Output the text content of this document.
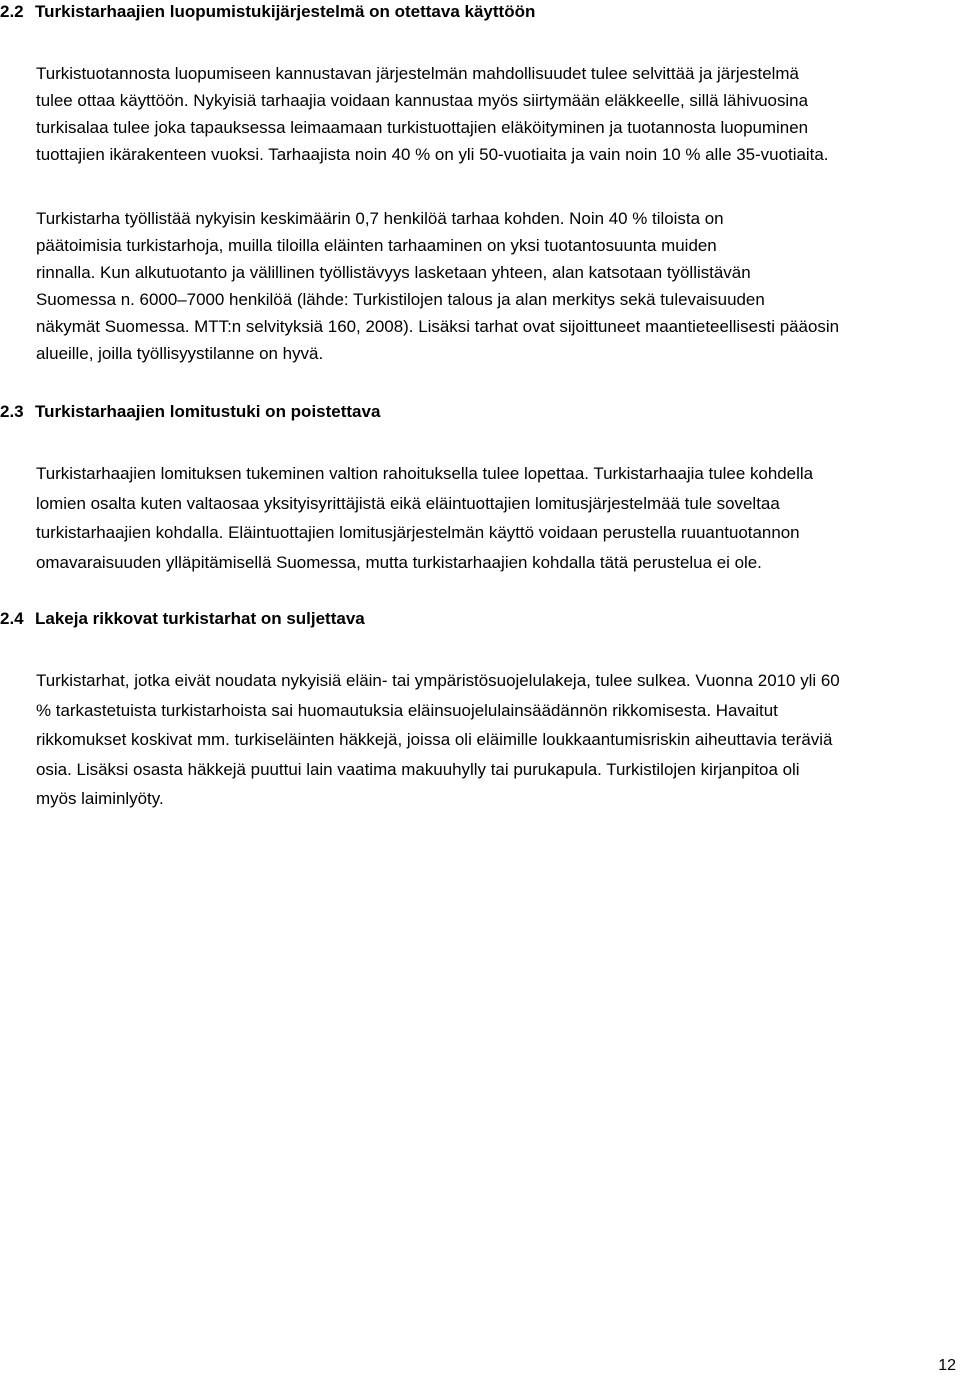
2.2 Turkistarhaajien luopumistukijärjestelmä on otettava käyttöön

Turkistuotannosta luopumiseen kannustavan järjestelmän mahdollisuudet tulee selvittää ja järjestelmä
tulee ottaa käyttöön. Nykyisiä tarhaajia voidaan kannustaa myös siirtymään eläkkeelle, sillä lähivuosina
turkisalaa tulee joka tapauksessa leimaamaan turkistuottajien eläköityminen ja tuotannosta luopuminen
tuottajien ikärakenteen vuoksi. Tarhaajista noin 40 % on yli 50-vuotiaita ja vain noin 10 % alle 35-vuotiaita.

Turkistarha työllistää nykyisin keskimäärin 0,7 henkilöä tarhaa kohden. Noin 40 % tiloista on
päätoimisia turkistarhoja, muilla tiloilla eläinten tarhaaminen on yksi tuotantosuunta muiden
rinnalla. Kun alkutuotanto ja välillinen työllistävyys lasketaan yhteen, alan katsotaan työllistävän
Suomessa n. 6000–7000 henkilöä (lähde: Turkistilojen talous ja alan merkitys sekä tulevaisuuden
näkymät Suomessa. MTT:n selvityksiä 160, 2008). Lisäksi tarhat ovat sijoittuneet maantieteellisesti pääosin
alueille, joilla työllisyystilanne on hyvä.

2.3 Turkistarhaajien lomitustuki on poistettava

Turkistarhaajien lomituksen tukeminen valtion rahoituksella tulee lopettaa. Turkistarhaajia tulee kohdella
lomien osalta kuten valtaosaa yksityisyrittäjistä eikä eläintuottajien lomitusjärjestelmää tule soveltaa
turkistarhaajien kohdalla. Eläintuottajien lomitusjärjestelmän käyttö voidaan perustella ruuantuotannon
omavaraisuuden ylläpitämisellä Suomessa, mutta turkistarhaajien kohdalla tätä perustelua ei ole.

2.4 Lakeja rikkovat turkistarhat on suljettava

Turkistarhat, jotka eivät noudata nykyisiä eläin- tai ympäristösuojelulakeja, tulee sulkea. Vuonna 2010 yli 60
% tarkastetuista turkistarhoista sai huomautuksia eläinsuojelulainsäädännön rikkomisesta. Havaitut
rikkomukset koskivat mm. turkiseläinten häkkejä, joissa oli eläimille loukkaantumisriskin aiheuttavia teräviä
osia. Lisäksi osasta häkkejä puuttui lain vaatima makuuhylly tai purukapula. Turkistilojen kirjanpitoa oli
myös laiminlyöty.

12
